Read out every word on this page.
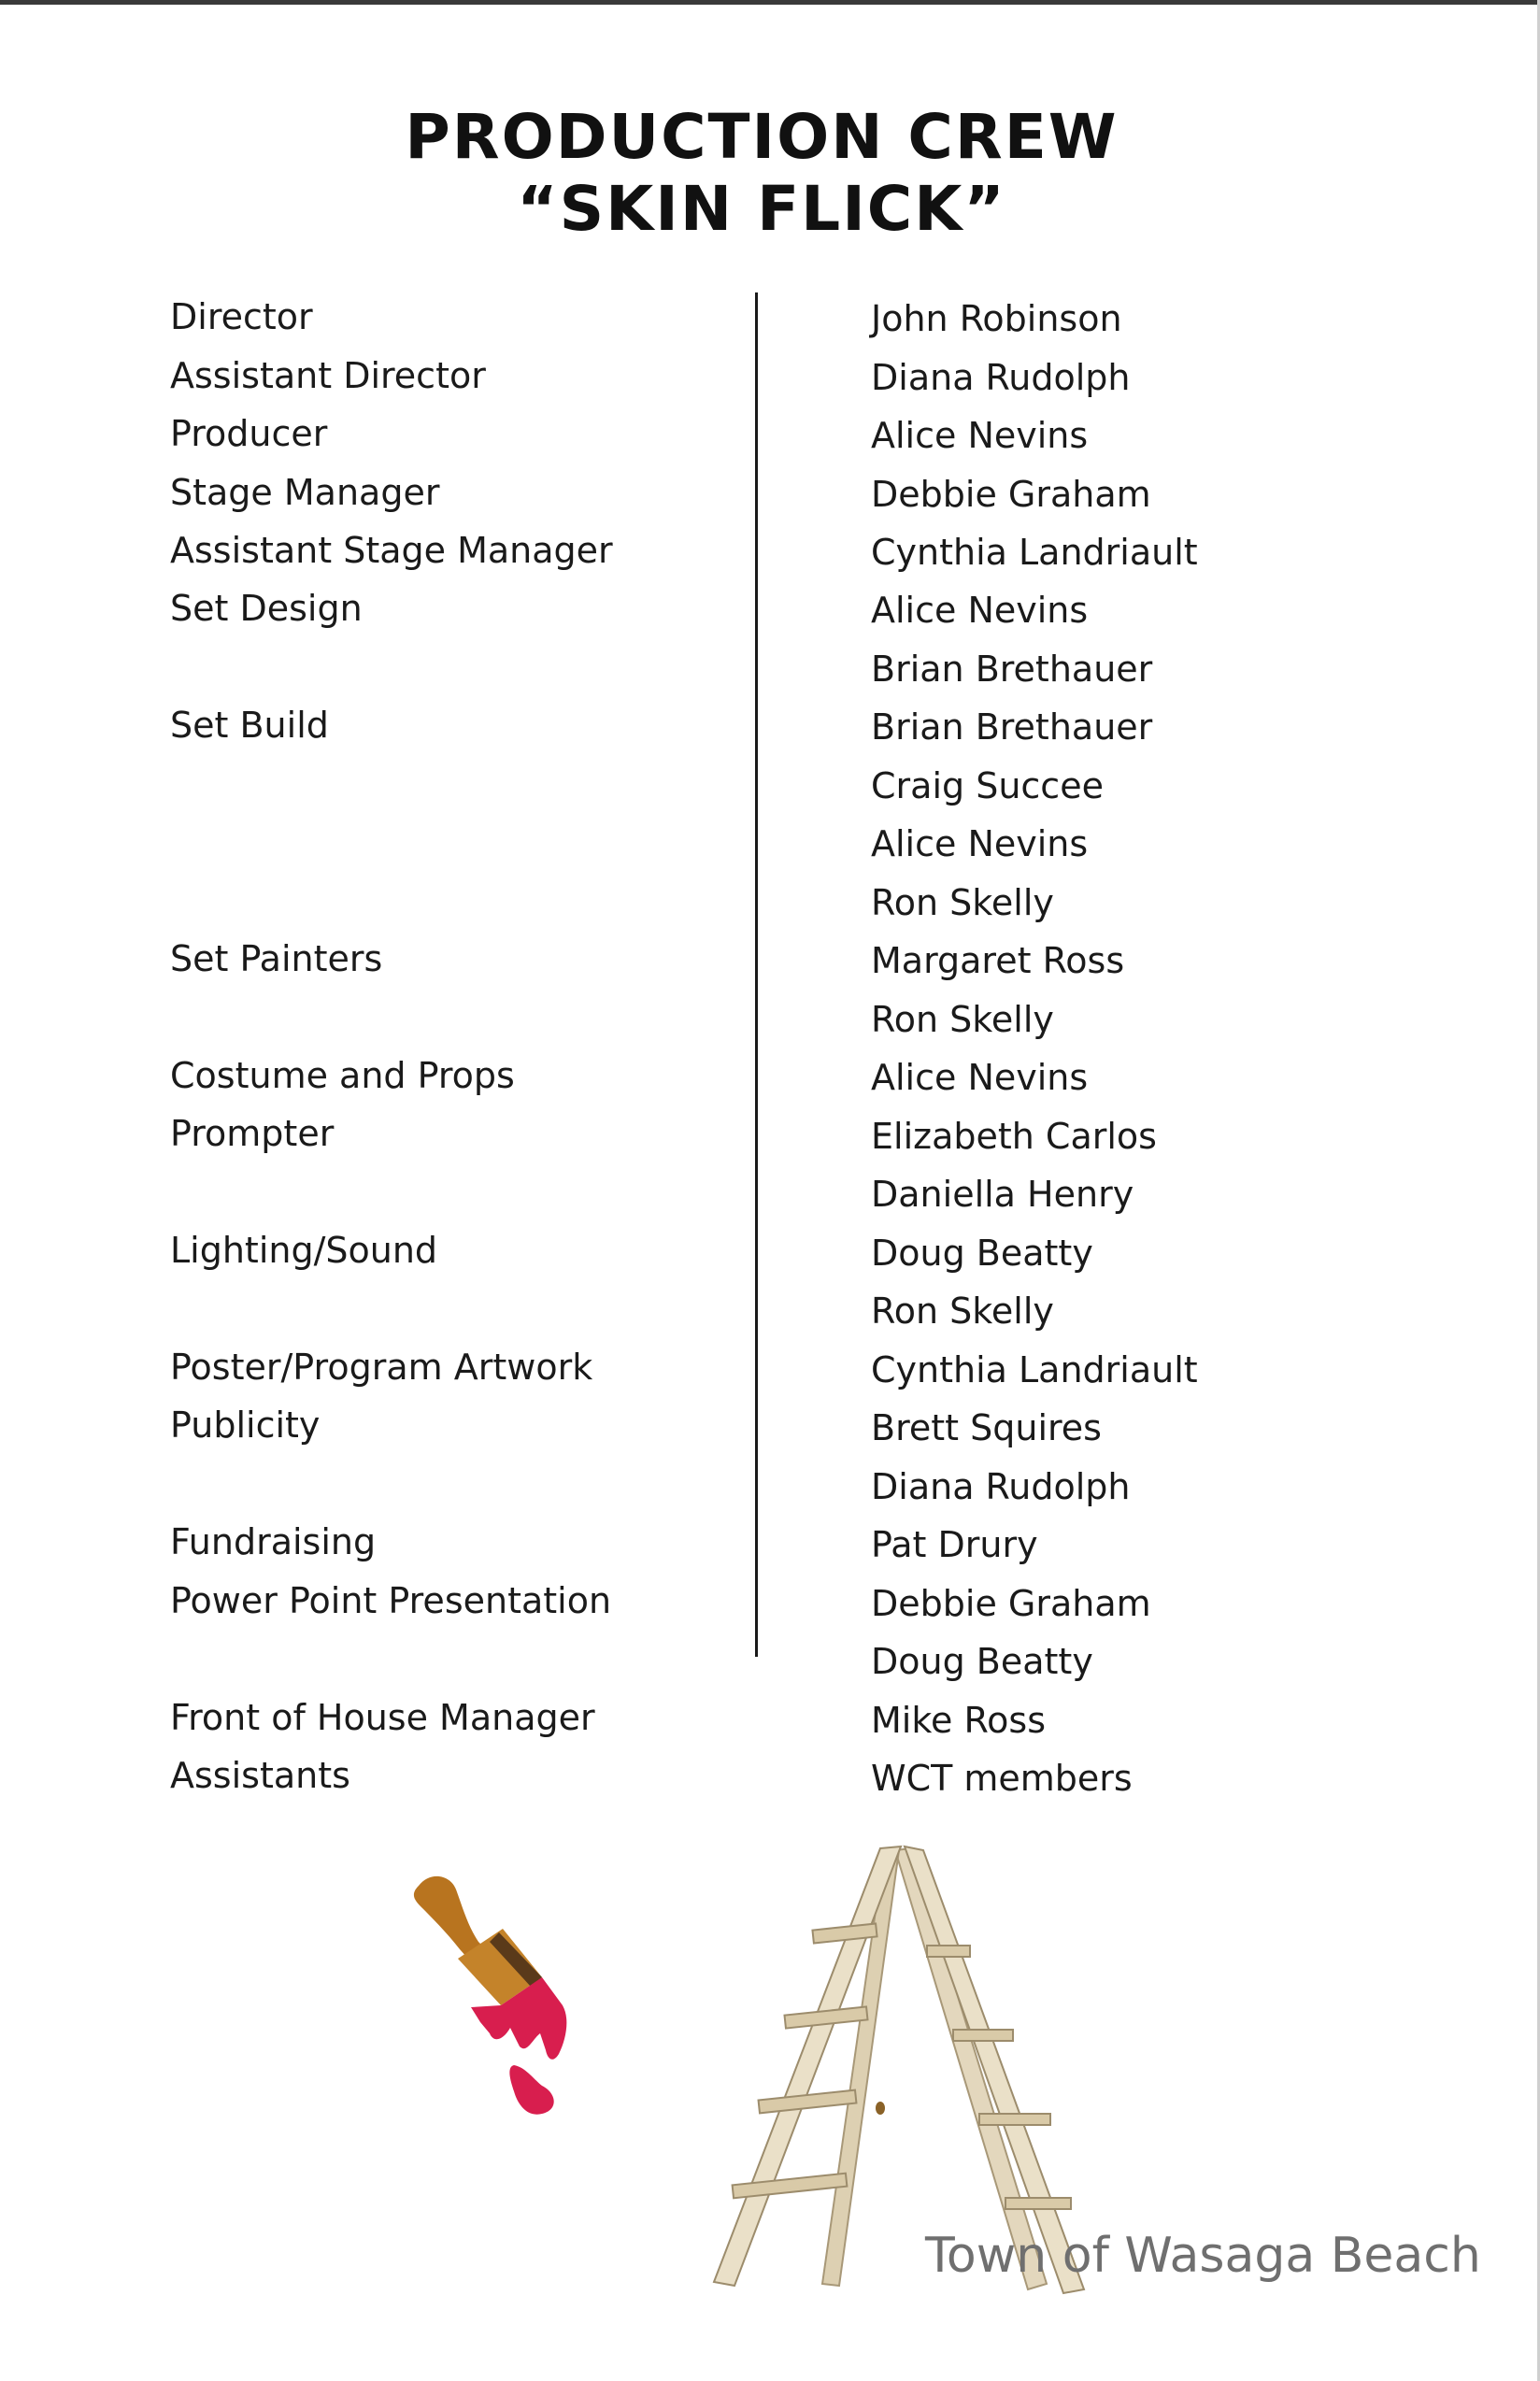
PRODUCTION CREW
“SKIN FLICK”
Director
Assistant Director
Producer
Stage Manager
Assistant Stage Manager
Set Design
Set Build
Set Painters
Costume and Props
Prompter
Lighting/Sound
Poster/Program Artwork
Publicity
Fundraising
Power Point Presentation
Front of House Manager
Assistants
John Robinson
Diana Rudolph
Alice Nevins
Debbie Graham
Cynthia Landriault
Alice Nevins
Brian Brethauer
Brian Brethauer
Craig Succee
Alice Nevins
Ron Skelly
Margaret Ross
Ron Skelly
Alice Nevins
Elizabeth Carlos
Daniella Henry
Doug Beatty
Ron Skelly
Cynthia Landriault
Brett Squires
Diana Rudolph
Pat Drury
Debbie Graham
Doug Beatty
Mike Ross
WCT members
Town of Wasaga Beach
